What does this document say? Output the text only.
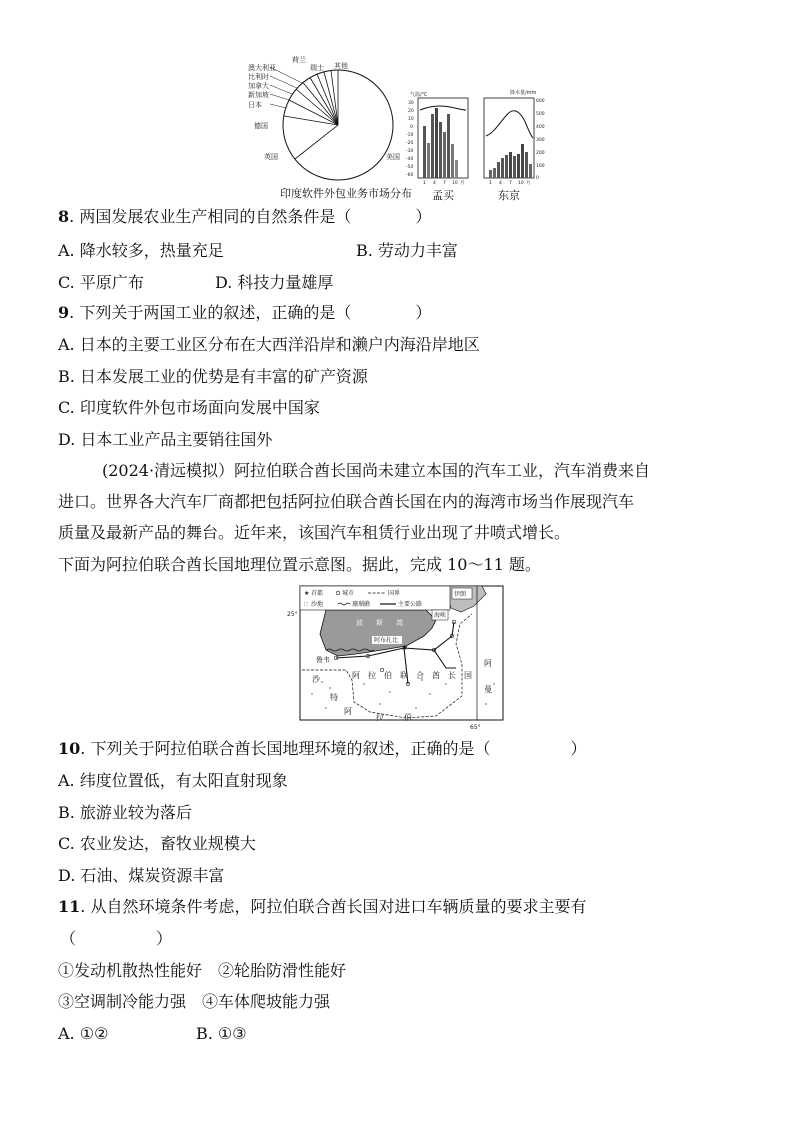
澳大利亚
荷兰
瑞士 其他
比利时
加拿大
新加坡
日本
德国
英国	美国
印度软件外包业务市场分布
气温/℃
30
20
10
0
-10
-20
-30
-40
-50
-60
1 4 7 10 月
孟买
降水量/mm
600
500
400
300
200
100
0
1 4 7 10 月
东京
8. 两国发展农业生产相同的自然条件是（　　　　）
A. 降水较多，热量充足	B. 劳动力丰富
C. 平原广布	D. 科技力量雄厚
9. 下列关于两国工业的叙述，正确的是（　　　　）
A. 日本的主要工业区分布在大西洋沿岸和濑户内海沿岸地区
B. 日本发展工业的优势是有丰富的矿产资源
C. 印度软件外包市场面向发展中国家
D. 日本工业产品主要销往国外
(2024·清远模拟）阿拉伯联合酋长国尚未建立本国的汽车工业，汽车消费来自
进口。世界各大汽车厂商都把包括阿拉伯联合酋长国在内的海湾市场当作展现汽车
质量及最新产品的舞台。近年来，该国汽车租赁行业出现了井喷式增长。
下面为阿拉伯联合酋长国地理位置示意图。据此，完成 10～11 题。
★ 首都	城市	国界
∷ 沙地	珊瑚礁	主要公路
伊朗
海峡
波 斯 湾
阿布扎比
鲁韦
★
65°
25°
沙
特
阿
拉	伯
阿　拉　伯　联　合　酋　长　国
阿
曼
10. 下列关于阿拉伯联合酋长国地理环境的叙述，正确的是（　　　　　）
A. 纬度位置低，有太阳直射现象
B. 旅游业较为落后
C. 农业发达，畜牧业规模大
D. 石油、煤炭资源丰富
11. 从自然环境条件考虑，阿拉伯联合酋长国对进口车辆质量的要求主要有
（　　　　　）
①发动机散热性能好　②轮胎防滑性能好
③空调制冷能力强　④车体爬坡能力强
A. ①②	B. ①③
